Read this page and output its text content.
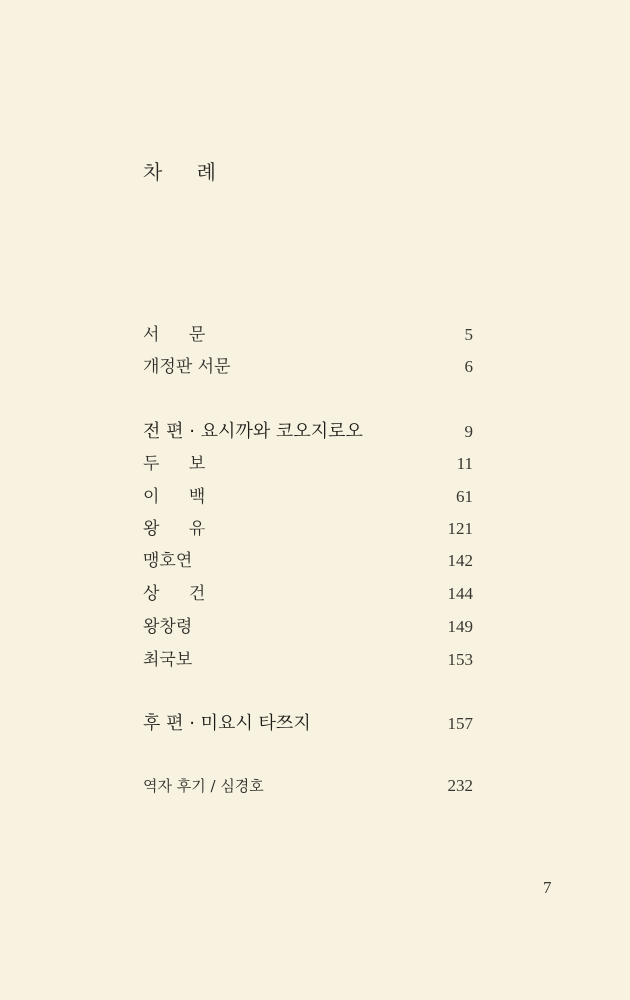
차 례
서 문	5
개정판 서문	6
전 편 · 요시까와 코오지로오	9
두 보	11
이 백	61
왕 유	121
맹호연	142
상 건	144
왕창령	149
최국보	153
후 편 · 미요시 타쯔지	157
역자 후기 / 심경호	232
7
